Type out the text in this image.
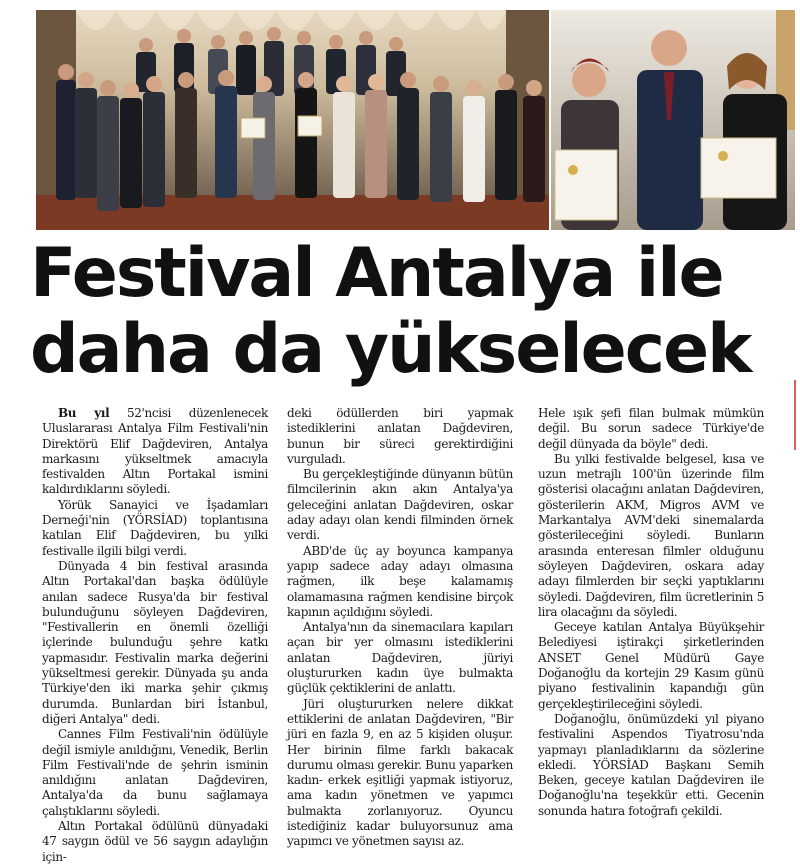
Festival Antalya ile
daha da yükselecek

Bu yıl 52'ncisi düzenlenecek Uluslararası Antalya Film Festivali'nin Direktörü Elif Dağdeviren, Antalya markasını yükseltmek amacıyla festivalden Altın Portakal ismini kaldırdıklarını söyledi.

Yörük Sanayici ve İşadamları Derneği'nin (YÖRSİAD) toplantısına katılan Elif Dağdeviren, bu yılki festivalle ilgili bilgi verdi.

Dünyada 4 bin festival arasında Altın Portakal'dan başka ödülüyle anılan sadece Rusya'da bir festival bulunduğunu söyleyen Dağdeviren, "Festivallerin en önemli özelliği içlerinde bulunduğu şehre katkı yapmasıdır. Festivalin marka değerini yükseltmesi gerekir. Dünyada şu anda Türkiye'den iki marka şehir çıkmış durumda. Bunlardan biri İstanbul, diğeri Antalya" dedi.

Cannes Film Festivali'nin ödülüyle değil ismiyle anıldığını, Venedik, Berlin Film Festivali'nde de şehrin isminin anıldığını anlatan Dağdeviren, Antalya'da da bunu sağlamaya çalıştıklarını söyledi.

Altın Portakal ödülünü dünyadaki 47 saygın ödül ve 56 saygın adaylığın için-

deki ödüllerden biri yapmak istediklerini anlatan Dağdeviren, bunun bir süreci gerektirdiğini vurguladı.

Bu gerçekleştiğinde dünyanın bütün filmcilerinin akın akın Antalya'ya geleceğini anlatan Dağdeviren, oskar aday adayı olan kendi filminden örnek verdi.

ABD'de üç ay boyunca kampanya yapıp sadece aday adayı olmasına rağmen, ilk beşe kalamamış olamamasına rağmen kendisine birçok kapının açıldığını söyledi.

Antalya'nın da sinemacılara kapıları açan bir yer olmasını istediklerini anlatan Dağdeviren, jüriyi oluştururken kadın üye bulmakta güçlük çektiklerini de anlattı.

Jüri oluştururken nelere dikkat ettiklerini de anlatan Dağdeviren, "Bir jüri en fazla 9, en az 5 kişiden oluşur. Her birinin filme farklı bakacak durumu olması gerekir. Bunu yaparken kadın- erkek eşitliği yapmak istiyoruz, ama kadın yönetmen ve yapımcı bulmakta zorlanıyoruz. Oyuncu istediğiniz kadar buluyorsunuz ama yapımcı ve yönetmen sayısı az.

Hele ışık şefi filan bulmak mümkün değil. Bu sorun sadece Türkiye'de değil dünyada da böyle" dedi.

Bu yılki festivalde belgesel, kısa ve uzun metrajlı 100'ün üzerinde film gösterisi olacağını anlatan Dağdeviren, gösterilerin AKM, Migros AVM ve Markantalya AVM'deki sinemalarda gösterileceğini söyledi. Bunların arasında enteresan filmler olduğunu söyleyen Dağdeviren, oskara aday adayı filmlerden bir seçki yaptıklarını söyledi. Dağdeviren, film ücretlerinin 5 lira olacağını da söyledi.

Geceye katılan Antalya Büyükşehir Belediyesi iştirakçi şirketlerinden ANSET Genel Müdürü Gaye Doğanoğlu da kortejin 29 Kasım günü piyano festivalinin kapandığı gün gerçekleştirileceğini söyledi.

Doğanoğlu, önümüzdeki yıl piyano festivalini Aspendos Tiyatrosu'nda yapmayı planladıklarını da sözlerine ekledi. YÖRSİAD Başkanı Semih Beken, geceye katılan Dağdeviren ile Doğanoğlu'na teşekkür etti. Gecenin sonunda hatıra fotoğrafı çekildi.
